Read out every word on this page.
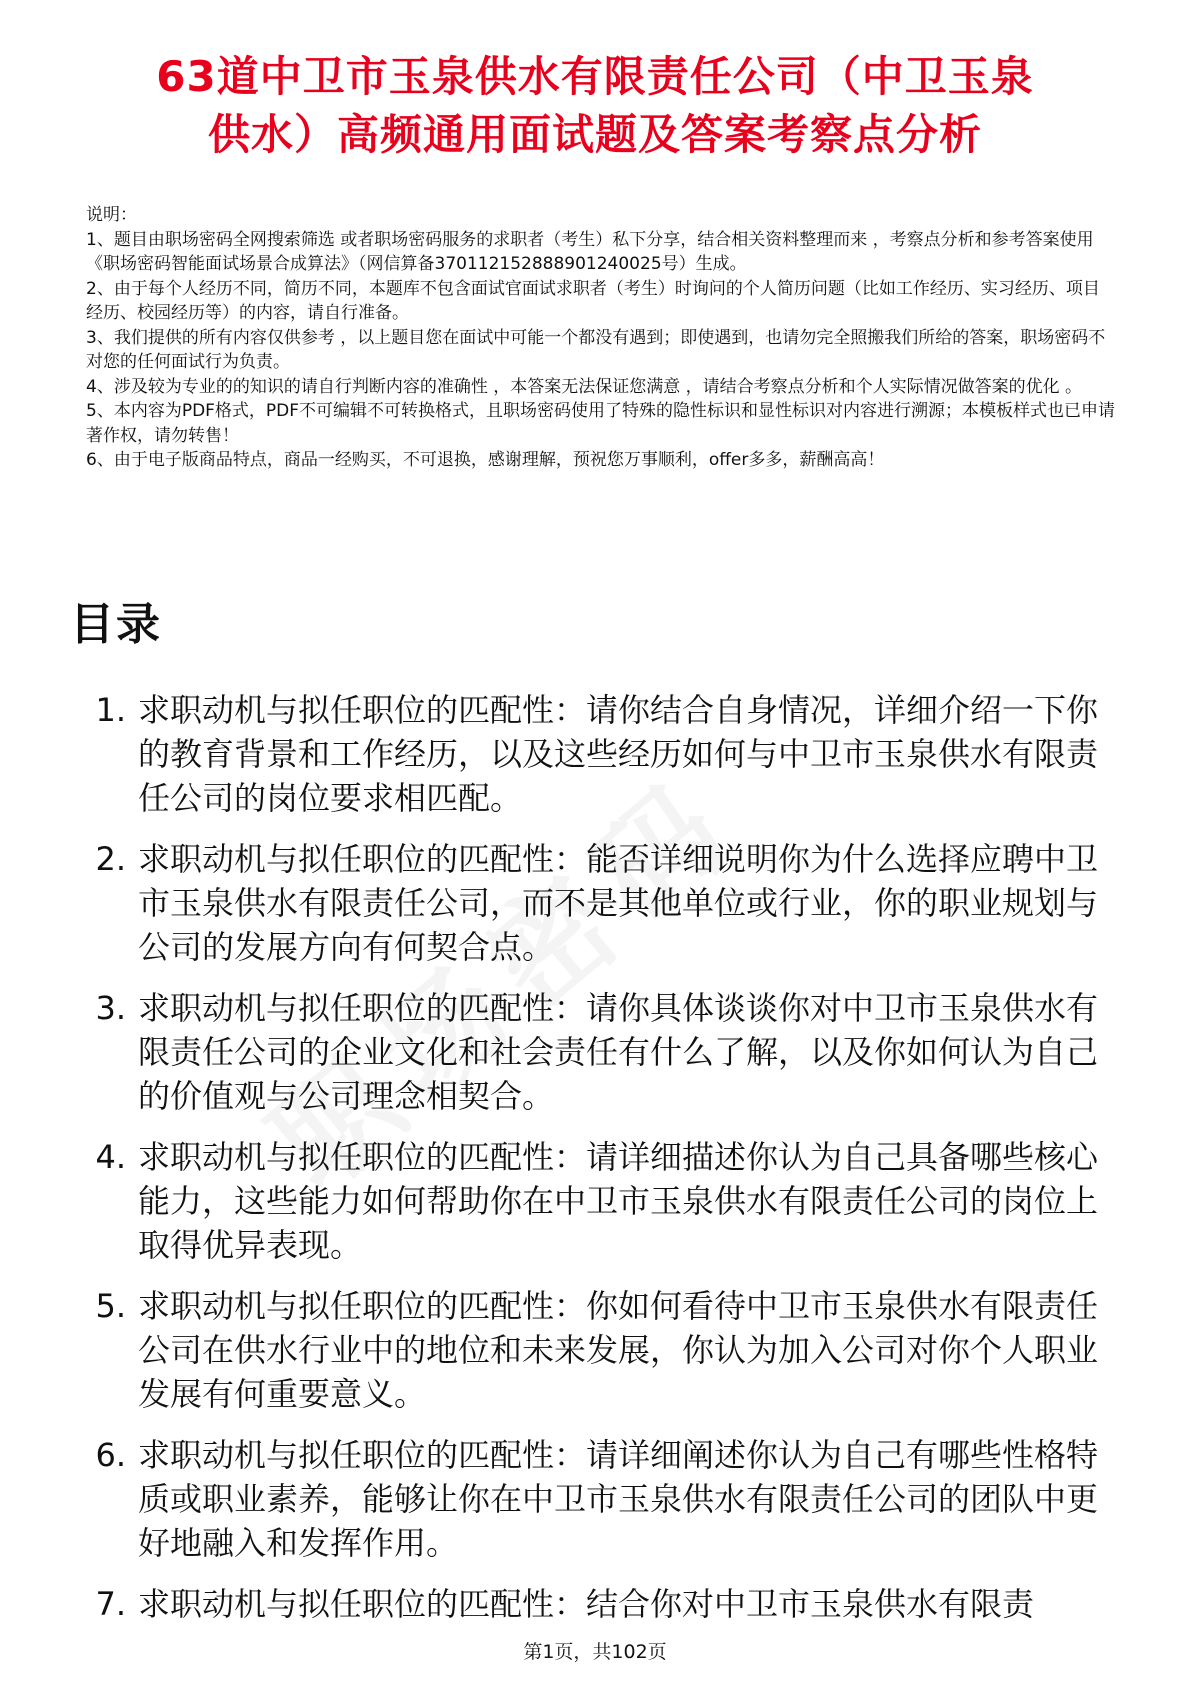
63道中卫市玉泉供水有限责任公司（中卫玉泉
供水）高频通用面试题及答案考察点分析

说明：

1、题目由职场密码全网搜索筛选 或者职场密码服务的求职者（考生）私下分享，结合相关资料整理而来 ，考察点分析和参考答案使用《职场密码智能面试场景合成算法》（网信算备370112152888901240025号）生成。

2、由于每个人经历不同，简历不同，本题库不包含面试官面试求职者（考生）时询问的个人简历问题（比如工作经历、实习经历、项目经历、校园经历等）的内容，请自行准备。

3、我们提供的所有内容仅供参考 ，以上题目您在面试中可能一个都没有遇到；即使遇到，也请勿完全照搬我们所给的答案，职场密码不对您的任何面试行为负责。

4、涉及较为专业的的知识的请自行判断内容的准确性 ，本答案无法保证您满意 ，请结合考察点分析和个人实际情况做答案的优化 。

5、本内容为PDF格式，PDF不可编辑不可转换格式，且职场密码使用了特殊的隐性标识和显性标识对内容进行溯源；本模板样式也已申请著作权，请勿转售！

6、由于电子版商品特点，商品一经购买，不可退换，感谢理解，预祝您万事顺利，offer多多，薪酬高高！

目录
1. 求职动机与拟任职位的匹配性：请你结合自身情况，详细介绍一下你的教育背景和工作经历，以及这些经历如何与中卫市玉泉供水有限责任公司的岗位要求相匹配。
2. 求职动机与拟任职位的匹配性：能否详细说明你为什么选择应聘中卫市玉泉供水有限责任公司，而不是其他单位或行业，你的职业规划与公司的发展方向有何契合点。
3. 求职动机与拟任职位的匹配性：请你具体谈谈你对中卫市玉泉供水有限责任公司的企业文化和社会责任有什么了解，以及你如何认为自己的价值观与公司理念相契合。
4. 求职动机与拟任职位的匹配性：请详细描述你认为自己具备哪些核心能力，这些能力如何帮助你在中卫市玉泉供水有限责任公司的岗位上取得优异表现。
5. 求职动机与拟任职位的匹配性：你如何看待中卫市玉泉供水有限责任公司在供水行业中的地位和未来发展，你认为加入公司对你个人职业发展有何重要意义。
6. 求职动机与拟任职位的匹配性：请详细阐述你认为自己有哪些性格特质或职业素养，能够让你在中卫市玉泉供水有限责任公司的团队中更好地融入和发挥作用。
7. 求职动机与拟任职位的匹配性：结合你对中卫市玉泉供水有限责
第1页，共102页
